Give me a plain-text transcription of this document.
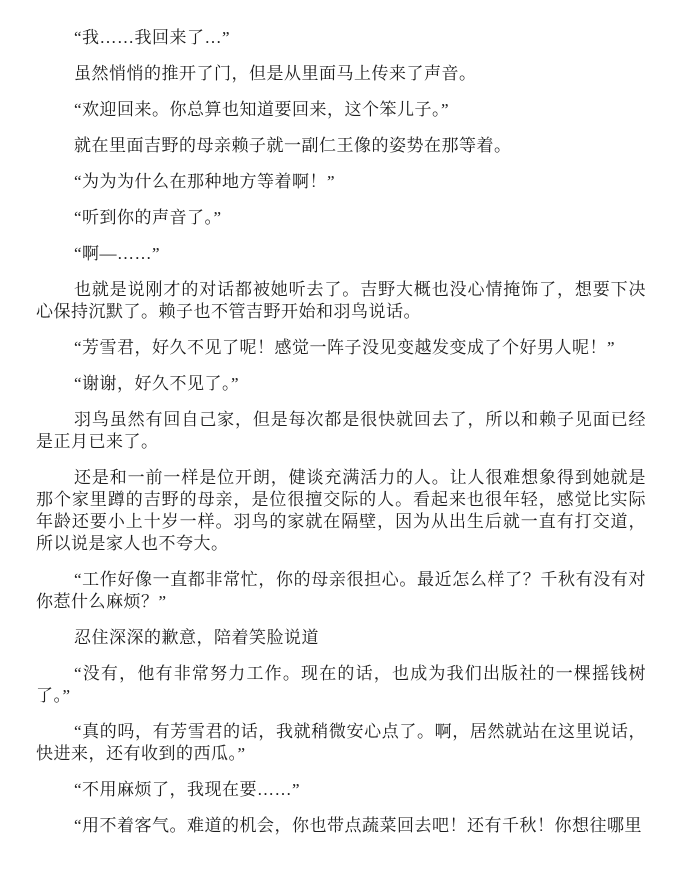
“我……我回来了…”

虽然悄悄的推开了门，但是从里面马上传来了声音。

“欢迎回来。你总算也知道要回来，这个笨儿子。”

就在里面吉野的母亲赖子就一副仁王像的姿势在那等着。

“为为为什么在那种地方等着啊！”

“听到你的声音了。”

“啊—……”

也就是说刚才的对话都被她听去了。吉野大概也没心情掩饰了，想要下决心保持沉默了。赖子也不管吉野开始和羽鸟说话。

“芳雪君，好久不见了呢！感觉一阵子没见变越发变成了个好男人呢！”

“谢谢，好久不见了。”

羽鸟虽然有回自己家，但是每次都是很快就回去了，所以和赖子见面已经是正月已来了。

还是和一前一样是位开朗，健谈充满活力的人。让人很难想象得到她就是那个家里蹲的吉野的母亲，是位很擅交际的人。看起来也很年轻，感觉比实际年龄还要小上十岁一样。羽鸟的家就在隔壁，因为从出生后就一直有打交道，所以说是家人也不夸大。

“工作好像一直都非常忙，你的母亲很担心。最近怎么样了？千秋有没有对你惹什么麻烦？”

忍住深深的歉意，陪着笑脸说道

“没有，他有非常努力工作。现在的话，也成为我们出版社的一棵摇钱树了。”

“真的吗，有芳雪君的话，我就稍微安心点了。啊，居然就站在这里说话，快进来，还有收到的西瓜。”

“不用麻烦了，我现在要……”

“用不着客气。难道的机会，你也带点蔬菜回去吧！还有千秋！你想往哪里
